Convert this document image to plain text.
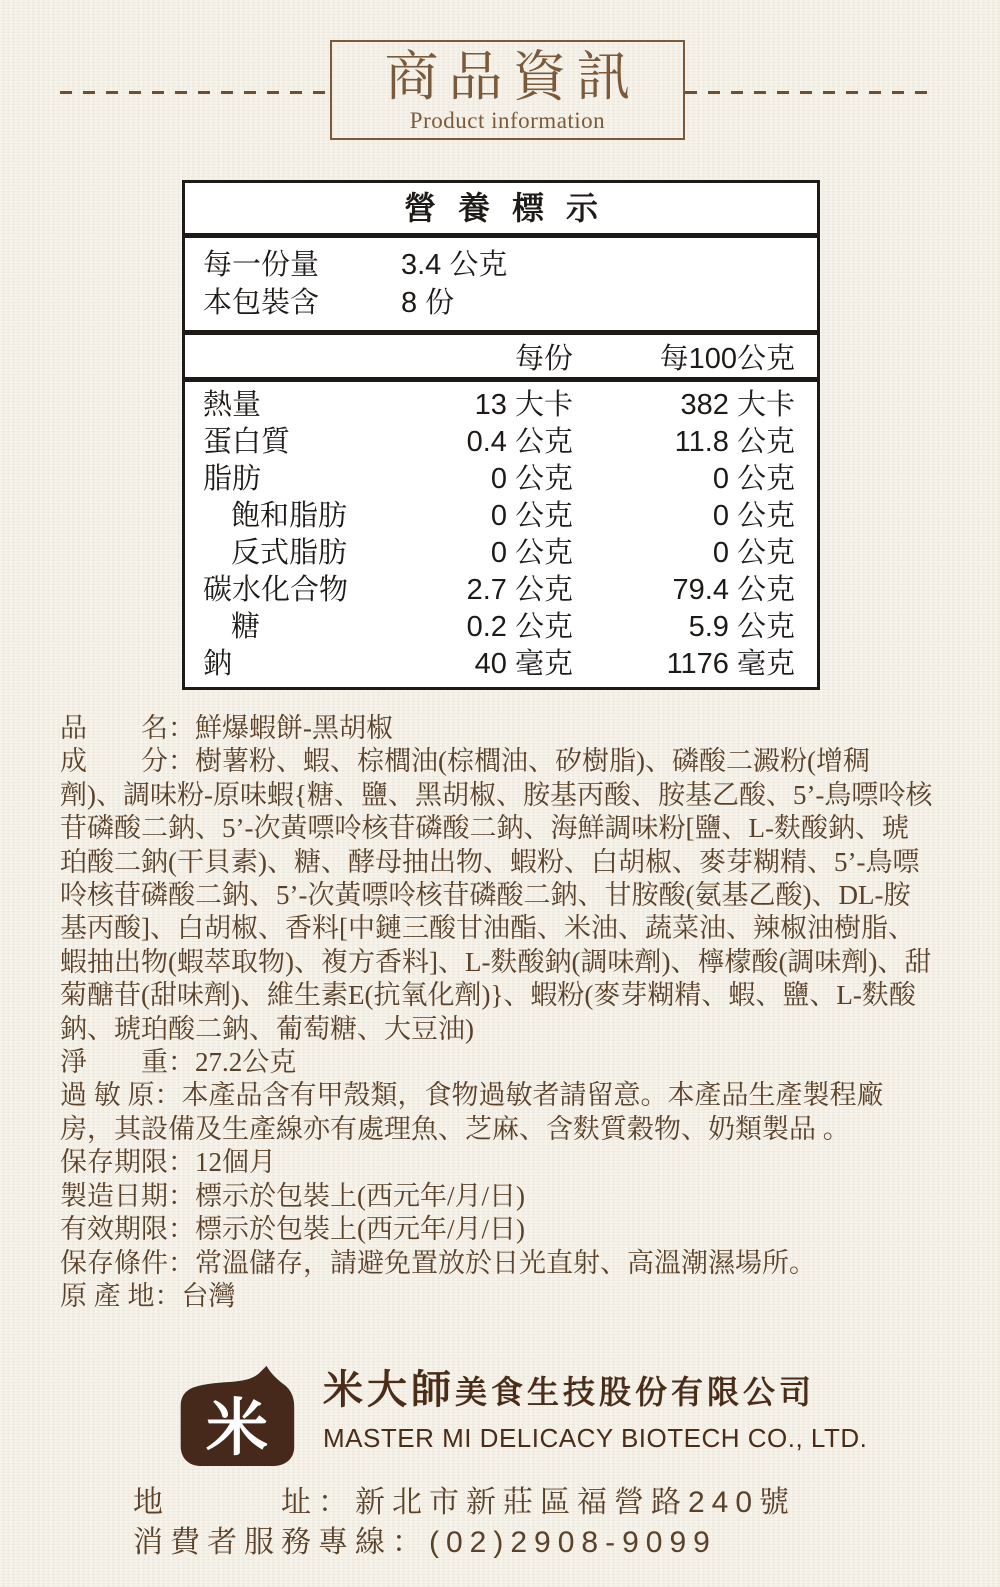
商品資訊
Product information
營養標示
每一份量	3.4 公克
本包裝含	8 份
每份	每100公克
熱量	13 大卡	382 大卡
蛋白質	0.4 公克	11.8 公克
脂肪	0 公克	0 公克
飽和脂肪	0 公克	0 公克
反式脂肪	0 公克	0 公克
碳水化合物	2.7 公克	79.4 公克
糖	0.2 公克	5.9 公克
鈉	40 毫克	1176 毫克
品　　名：鮮爆蝦餅-黑胡椒
成　　分：樹薯粉、蝦、棕櫚油(棕櫚油、矽樹脂)、磷酸二澱粉(增稠
劑)、調味粉-原味蝦{糖、鹽、黑胡椒、胺基丙酸、胺基乙酸、5’-鳥嘌呤核
苷磷酸二鈉、5’-次黃嘌呤核苷磷酸二鈉、海鮮調味粉[鹽、L-麩酸鈉、琥
珀酸二鈉(干貝素)、糖、酵母抽出物、蝦粉、白胡椒、麥芽糊精、5’-鳥嘌
呤核苷磷酸二鈉、5’-次黃嘌呤核苷磷酸二鈉、甘胺酸(氨基乙酸)、DL-胺
基丙酸]、白胡椒、香料[中鏈三酸甘油酯、米油、蔬菜油、辣椒油樹脂、
蝦抽出物(蝦萃取物)、複方香料]、L-麩酸鈉(調味劑)、檸檬酸(調味劑)、甜
菊醣苷(甜味劑)、維生素E(抗氧化劑)}、蝦粉(麥芽糊精、蝦、鹽、L-麩酸
鈉、琥珀酸二鈉、葡萄糖、大豆油)
淨　　重：27.2公克
過 敏 原：本產品含有甲殼類，食物過敏者請留意。本產品生產製程廠
房，其設備及生產線亦有處理魚、芝麻、含麩質穀物、奶類製品 。
保存期限：12個月
製造日期：標示於包裝上(西元年/月/日)
有效期限：標示於包裝上(西元年/月/日)
保存條件：常溫儲存，請避免置放於日光直射、高溫潮濕場所。
原 產 地：台灣
米
米大師美食生技股份有限公司
MASTER MI DELICACY BIOTECH CO., LTD.
地　　　址：新北市新莊區福營路240號
消費者服務專線：(02)2908-9099
